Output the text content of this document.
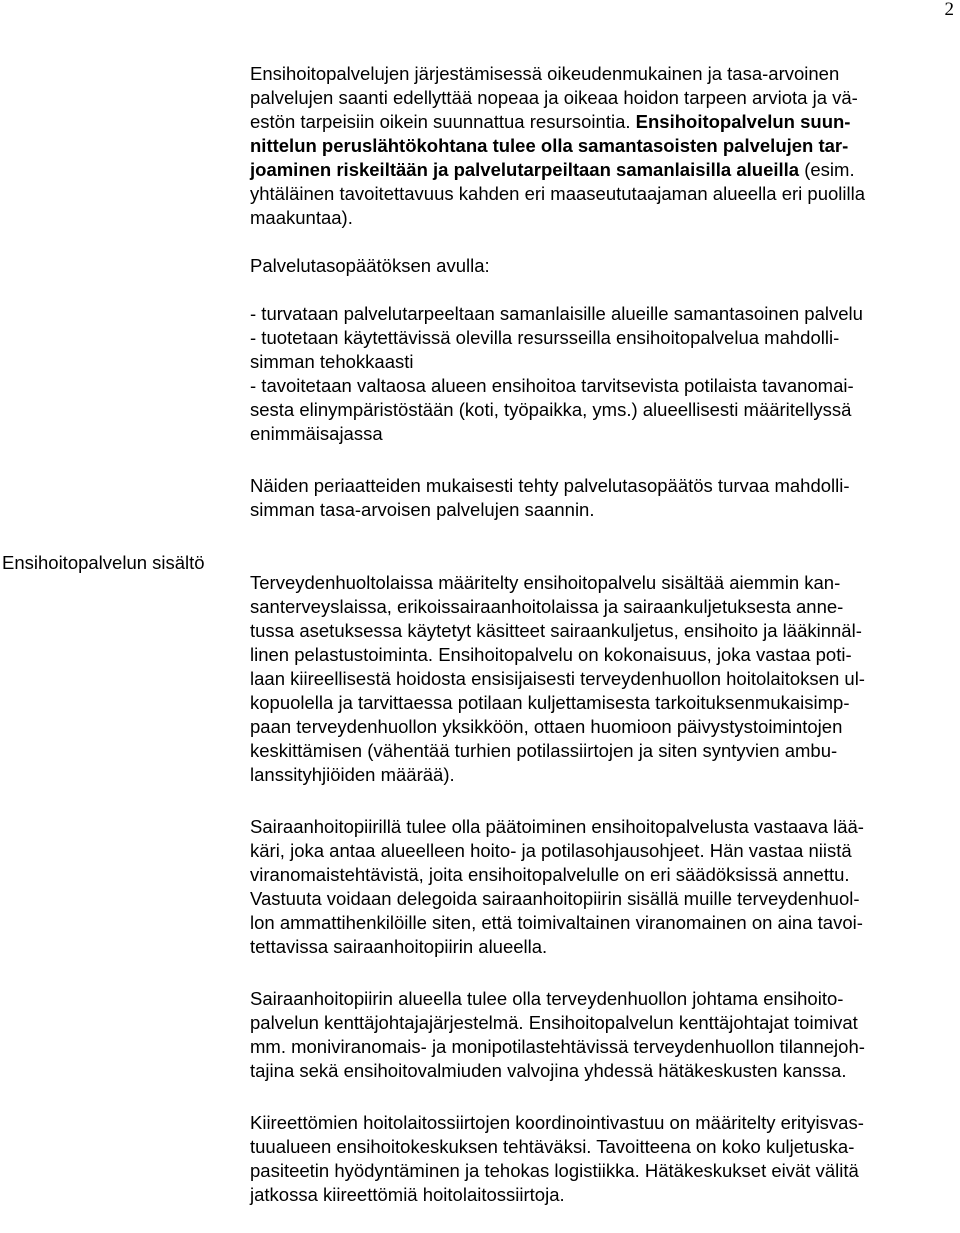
2
Ensihoitopalvelun sisältö
Ensihoitopalvelujen järjestämisessä oikeudenmukainen ja tasa-arvoinen
palvelujen saanti edellyttää nopeaa ja oikeaa hoidon tarpeen arviota ja vä-
estön tarpeisiin oikein suunnattua resursointia. Ensihoitopalvelun suun-
nittelun peruslähtökohtana tulee olla samantasoisten palvelujen tar-
joaminen riskeiltään ja palvelutarpeiltaan samanlaisilla alueilla (esim.
yhtäläinen tavoitettavuus kahden eri maaseututaajaman alueella eri puolilla
maakuntaa).
Palvelutasopäätöksen avulla:
- turvataan palvelutarpeeltaan samanlaisille alueille samantasoinen palvelu
- tuotetaan käytettävissä olevilla resursseilla ensihoitopalvelua mahdolli-
simman tehokkaasti
- tavoitetaan valtaosa alueen ensihoitoa tarvitsevista potilaista tavanomai-
sesta elinympäristöstään (koti, työpaikka, yms.) alueellisesti määritellyssä
enimmäisajassa
Näiden periaatteiden mukaisesti tehty palvelutasopäätös turvaa mahdolli-
simman tasa-arvoisen palvelujen saannin.
Terveydenhuoltolaissa määritelty ensihoitopalvelu sisältää aiemmin kan-
santerveyslaissa, erikoissairaanhoitolaissa ja sairaankuljetuksesta anne-
tussa asetuksessa käytetyt käsitteet sairaankuljetus, ensihoito ja lääkinnäl-
linen pelastustoiminta. Ensihoitopalvelu on kokonaisuus, joka vastaa poti-
laan kiireellisestä hoidosta ensisijaisesti terveydenhuollon hoitolaitoksen ul-
kopuolella ja tarvittaessa potilaan kuljettamisesta tarkoituksenmukaisimp-
paan terveydenhuollon yksikköön, ottaen huomioon päivystystoimintojen
keskittämisen (vähentää turhien potilassiirtojen ja siten syntyvien ambu-
lanssityhjiöiden määrää).
Sairaanhoitopiirillä tulee olla päätoiminen ensihoitopalvelusta vastaava lää-
käri, joka antaa alueelleen hoito- ja potilasohjausohjeet. Hän vastaa niistä
viranomaistehtävistä, joita ensihoitopalvelulle on eri säädöksissä annettu.
Vastuuta voidaan delegoida sairaanhoitopiirin sisällä muille terveydenhuol-
lon ammattihenkilöille siten, että toimivaltainen viranomainen on aina tavoi-
tettavissa sairaanhoitopiirin alueella.
Sairaanhoitopiirin alueella tulee olla terveydenhuollon johtama ensihoito-
palvelun kenttäjohtajajärjestelmä. Ensihoitopalvelun kenttäjohtajat toimivat
mm. moniviranomais- ja monipotilastehtävissä terveydenhuollon tilannejoh-
tajina sekä ensihoitovalmiuden valvojina yhdessä hätäkeskusten kanssa.
Kiireettömien hoitolaitossiirtojen koordinointivastuu on määritelty erityisvas-
tuualueen ensihoitokeskuksen tehtäväksi. Tavoitteena on koko kuljetuska-
pasiteetin hyödyntäminen ja tehokas logistiikka. Hätäkeskukset eivät välitä
jatkossa kiireettömiä hoitolaitossiirtoja.
